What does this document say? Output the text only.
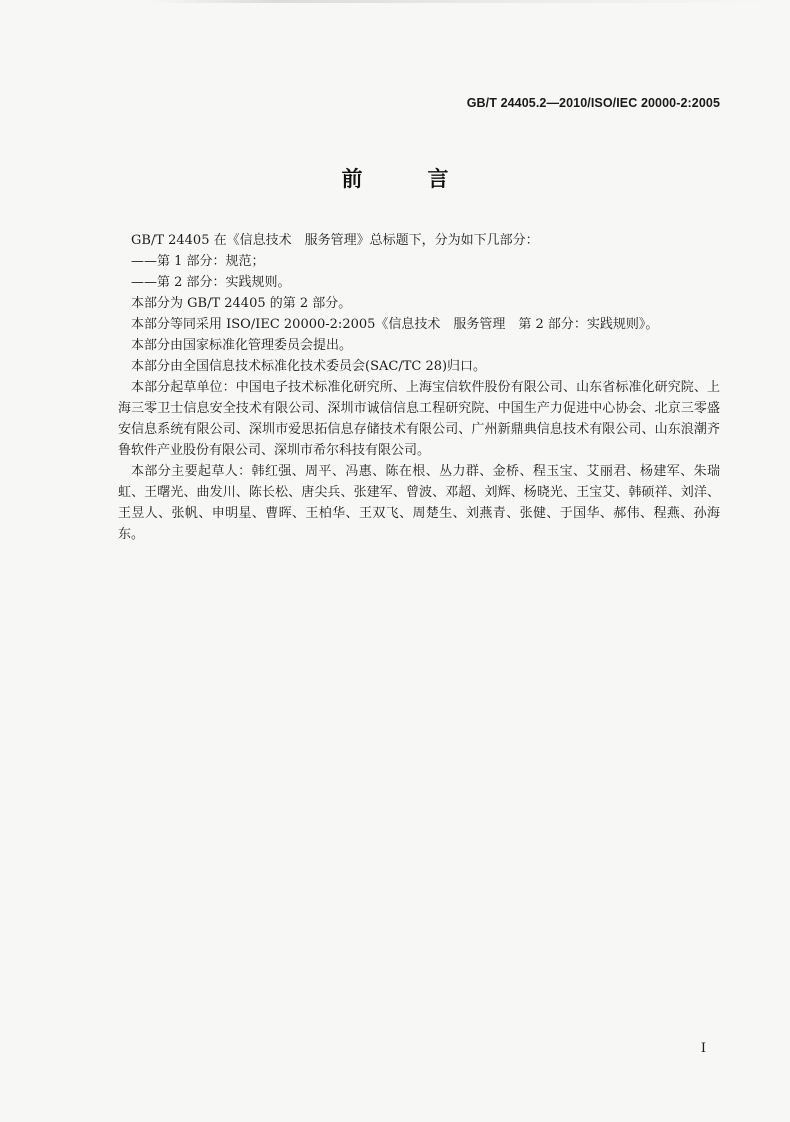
GB/T 24405.2—2010/ISO/IEC 20000-2:2005
前　言

GB/T 24405 在《信息技术　服务管理》总标题下，分为如下几部分：

——第 1 部分：规范；

——第 2 部分：实践规则。

本部分为 GB/T 24405 的第 2 部分。

本部分等同采用 ISO/IEC 20000-2:2005《信息技术　服务管理　第 2 部分：实践规则》。

本部分由国家标准化管理委员会提出。

本部分由全国信息技术标准化技术委员会(SAC/TC 28)归口。

本部分起草单位：中国电子技术标准化研究所、上海宝信软件股份有限公司、山东省标准化研究院、上海三零卫士信息安全技术有限公司、深圳市诚信信息工程研究院、中国生产力促进中心协会、北京三零盛安信息系统有限公司、深圳市爱思拓信息存储技术有限公司、广州新鼎典信息技术有限公司、山东浪潮齐鲁软件产业股份有限公司、深圳市希尔科技有限公司。

本部分主要起草人：韩红强、周平、冯惠、陈在根、丛力群、金桥、程玉宝、艾丽君、杨建军、朱瑞虹、王曙光、曲发川、陈长松、唐尖兵、张建军、曾波、邓超、刘辉、杨晓光、王宝艾、韩硕祥、刘洋、王昱人、张帆、申明星、曹晖、王柏华、王双飞、周楚生、刘燕青、张健、于国华、郝伟、程燕、孙海东。

I
